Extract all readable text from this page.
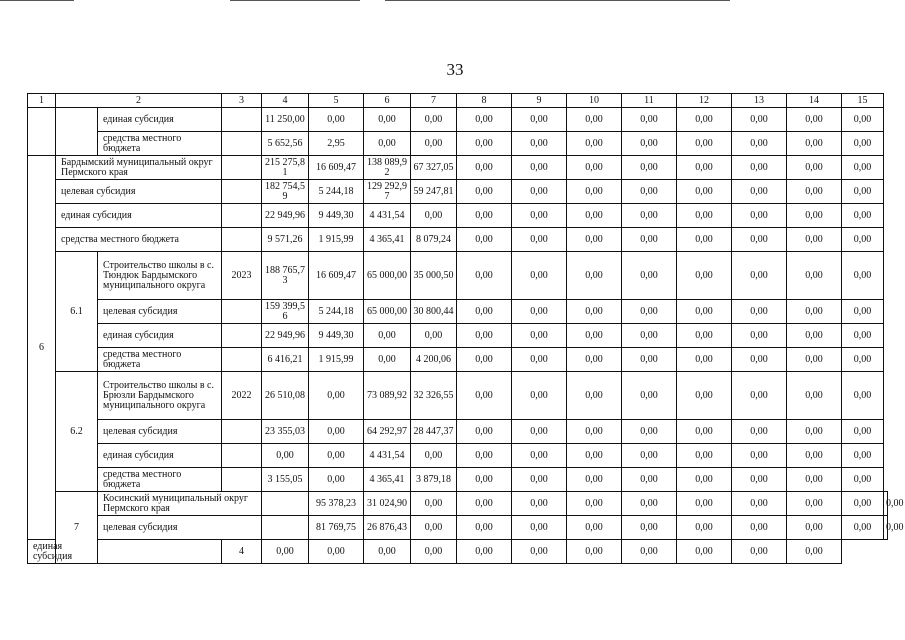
33
1	2		3	4	5	6	7	8	9	10	11	12	13	14	15	
		единая субсидия		11 250,00	0,00	0,00	0,00	0,00	0,00	0,00	0,00	0,00	0,00	0,00	0,00	
		средства местного бюджета		5 652,56	2,95	0,00	0,00	0,00	0,00	0,00	0,00	0,00	0,00	0,00	0,00	
6	Бардымский муниципальный округ Пермского края			215 275,81	16 609,47	138 089,92	67 327,05	0,00	0,00	0,00	0,00	0,00	0,00	0,00	0,00	
	целевая субсидия			182 754,59	5 244,18	129 292,97	59 247,81	0,00	0,00	0,00	0,00	0,00	0,00	0,00	0,00	
	единая субсидия			22 949,96	9 449,30	4 431,54	0,00	0,00	0,00	0,00	0,00	0,00	0,00	0,00	0,00	
	средства местного бюджета			9 571,26	1 915,99	4 365,41	8 079,24	0,00	0,00	0,00	0,00	0,00	0,00	0,00	0,00	
	6.1	Строительство школы в с. Тюндюк Бардымского муниципального округа	2023	188 765,73	16 609,47	65 000,00	35 000,50	0,00	0,00	0,00	0,00	0,00	0,00	0,00	0,00	
		целевая субсидия		159 399,56	5 244,18	65 000,00	30 800,44	0,00	0,00	0,00	0,00	0,00	0,00	0,00	0,00	
		единая субсидия		22 949,96	9 449,30	0,00	0,00	0,00	0,00	0,00	0,00	0,00	0,00	0,00	0,00	
		средства местного бюджета		6 416,21	1 915,99	0,00	4 200,06	0,00	0,00	0,00	0,00	0,00	0,00	0,00	0,00	
	6.2	Строительство школы в с. Брюзли Бардымского муниципального округа	2022	26 510,08	0,00	73 089,92	32 326,55	0,00	0,00	0,00	0,00	0,00	0,00	0,00	0,00	
		целевая субсидия		23 355,03	0,00	64 292,97	28 447,37	0,00	0,00	0,00	0,00	0,00	0,00	0,00	0,00	
		единая субсидия		0,00	0,00	4 431,54	0,00	0,00	0,00	0,00	0,00	0,00	0,00	0,00	0,00	
		средства местного бюджета		3 155,05	0,00	4 365,41	3 879,18	0,00	0,00	0,00	0,00	0,00	0,00	0,00	0,00	
	7	Косинский муниципальный округ Пермского края			95 378,23	31 024,90	0,00	0,00	0,00	0,00	0,00	0,00	0,00	0,00	0,00	0,00
		целевая субсидия			81 769,75	26 876,43	0,00	0,00	0,00	0,00	0,00	0,00	0,00	0,00	0,00	0,00
единая субсидия			4	0,00	0,00	0,00	0,00	0,00	0,00	0,00	0,00	0,00	0,00	0,00		
